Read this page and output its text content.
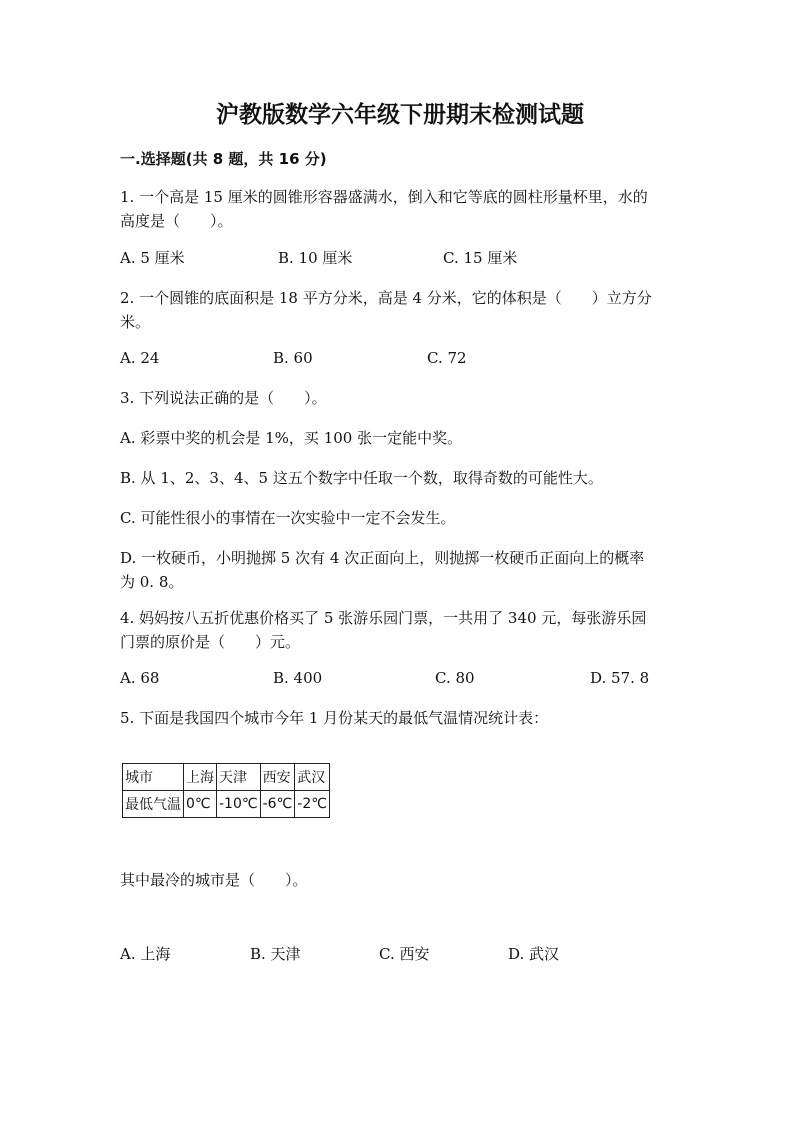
沪教版数学六年级下册期末检测试题
一.选择题(共 8 题，共 16 分)
1. 一个高是 15 厘米的圆锥形容器盛满水，倒入和它等底的圆柱形量杯里，水的
高度是（　　）。
A. 5 厘米	B. 10 厘米	C. 15 厘米
2. 一个圆锥的底面积是 18 平方分米，高是 4 分米，它的体积是（　　）立方分
米。
A. 24	B. 60	C. 72
3. 下列说法正确的是（　　）。
A. 彩票中奖的机会是 1%，买 100 张一定能中奖。
B. 从 1、2、3、4、5 这五个数字中任取一个数，取得奇数的可能性大。
C. 可能性很小的事情在一次实验中一定不会发生。
D. 一枚硬币，小明抛掷 5 次有 4 次正面向上，则抛掷一枚硬币正面向上的概率
为 0. 8。
4. 妈妈按八五折优惠价格买了 5 张游乐园门票，一共用了 340 元，每张游乐园
门票的原价是（　　）元。
A. 68	B. 400	C. 80	D. 57. 8
5. 下面是我国四个城市今年 1 月份某天的最低气温情况统计表：
城市	上海	天津	西安	武汉
最低气温	0℃	-10℃	-6℃	-2℃
其中最冷的城市是（　　）。
A. 上海	B. 天津	C. 西安	D. 武汉
